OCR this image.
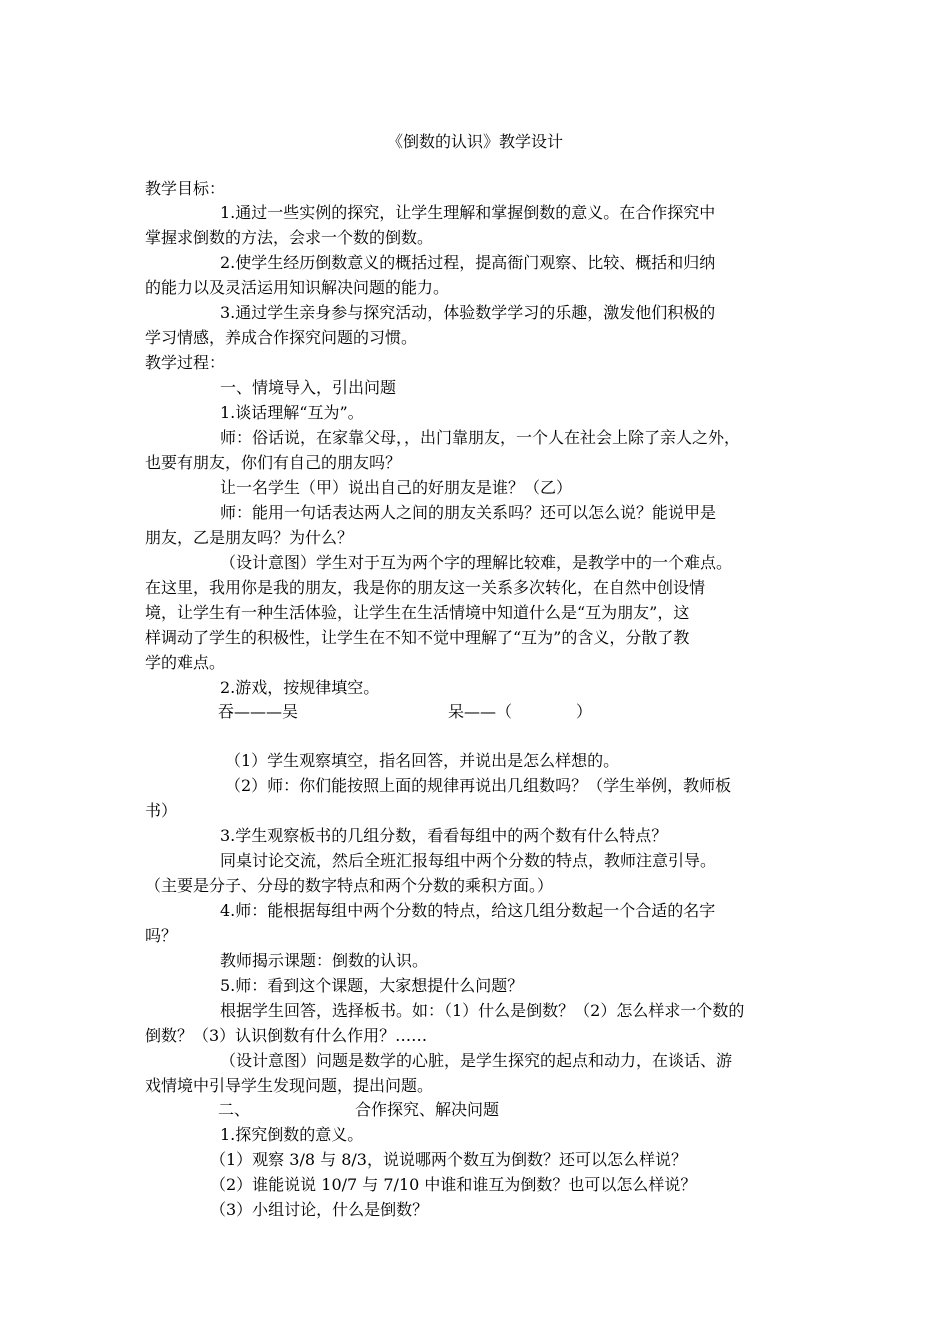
《倒数的认识》教学设计
教学目标：
1.通过一些实例的探究，让学生理解和掌握倒数的意义。在合作探究中
掌握求倒数的方法，会求一个数的倒数。
2.使学生经历倒数意义的概括过程，提高衙门观察、比较、概括和归纳
的能力以及灵活运用知识解决问题的能力。
3.通过学生亲身参与探究活动，体验数学学习的乐趣，激发他们积极的
学习情感，养成合作探究问题的习惯。
教学过程：
一、情境导入，引出问题
1.谈话理解“互为”。
师：俗话说，在家靠父母，，出门靠朋友，一个人在社会上除了亲人之外，
也要有朋友，你们有自己的朋友吗？
让一名学生（甲）说出自己的好朋友是谁？（乙）
师：能用一句话表达两人之间的朋友关系吗？还可以怎么说？能说甲是
朋友，乙是朋友吗？为什么？
（设计意图）学生对于互为两个字的理解比较难，是教学中的一个难点。
在这里，我用你是我的朋友，我是你的朋友这一关系多次转化，在自然中创设情
境，让学生有一种生活体验，让学生在生活情境中知道什么是“互为朋友”，这
样调动了学生的积极性，让学生在不知不觉中理解了“互为”的含义，分散了教
学的难点。
2.游戏，按规律填空。
吞———吴	呆——（　　　　）
（1）学生观察填空，指名回答，并说出是怎么样想的。
（2）师：你们能按照上面的规律再说出几组数吗？（学生举例，教师板
书）
3.学生观察板书的几组分数，看看每组中的两个数有什么特点？
同桌讨论交流，然后全班汇报每组中两个分数的特点，教师注意引导。
（主要是分子、分母的数字特点和两个分数的乘积方面。）
4.师：能根据每组中两个分数的特点，给这几组分数起一个合适的名字
吗？
教师揭示课题：倒数的认识。
5.师：看到这个课题，大家想提什么问题？
根据学生回答，选择板书。如：（1）什么是倒数？（2）怎么样求一个数的
倒数？（3）认识倒数有什么作用？……
（设计意图）问题是数学的心脏，是学生探究的起点和动力，在谈话、游
戏情境中引导学生发现问题，提出问题。
二、	合作探究、解决问题
1.探究倒数的意义。
（1）观察 3/8 与 8/3，说说哪两个数互为倒数？还可以怎么样说？
（2）谁能说说 10/7 与 7/10 中谁和谁互为倒数？也可以怎么样说？
（3）小组讨论，什么是倒数？
